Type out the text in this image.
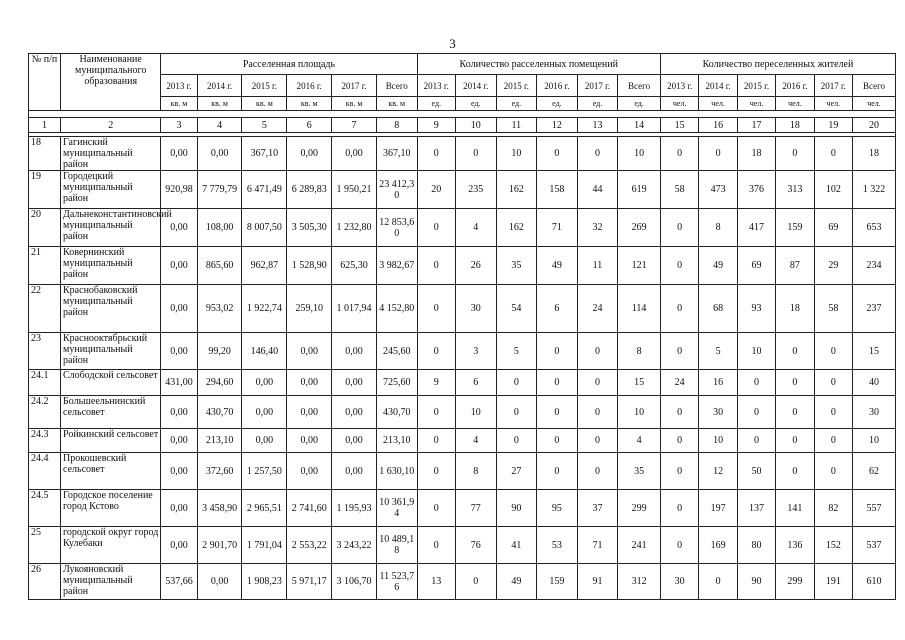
3
№ п/п	Наименование муниципального образования	Расселенная площадь						Количество расселенных помещений						Количество переселенных жителей					
		2013 г.	2014 г.	2015 г.	2016 г.	2017 г.	Всего	2013 г.	2014 г.	2015 г.	2016 г.	2017 г.	Всего	2013 г.	2014 г.	2015 г.	2016 г.	2017 г.	Всего
		кв. м	кв. м	кв. м	кв. м	кв. м	кв. м	ед.	ед.	ед.	ед.	ед.	ед.	чел.	чел.	чел.	чел.	чел.	чел.

1	2	3	4	5	6	7	8	9	10	11	12	13	14	15	16	17	18	19	20

18	Гагинский муниципальный район	0,00	0,00	367,10	0,00	0,00	367,10	0	0	10	0	0	10	0	0	18	0	0	18
19	Городецкий муниципальный район	920,98	7 779,79	6 471,49	6 289,83	1 950,21	23 412,30	20	235	162	158	44	619	58	473	376	313	102	1 322
20	Дальнеконстантиновский муниципальный район	0,00	108,00	8 007,50	3 505,30	1 232,80	12 853,60	0	4	162	71	32	269	0	8	417	159	69	653
21	Ковернинский муниципальный район	0,00	865,60	962,87	1 528,90	625,30	3 982,67	0	26	35	49	11	121	0	49	69	87	29	234
22	Краснобаковский муниципальный район	0,00	953,02	1 922,74	259,10	1 017,94	4 152,80	0	30	54	6	24	114	0	68	93	18	58	237
23	Краснооктябрьский муниципальный район	0,00	99,20	146,40	0,00	0,00	245,60	0	3	5	0	0	8	0	5	10	0	0	15
24.1	Слободской сельсовет	431,00	294,60	0,00	0,00	0,00	725,60	9	6	0	0	0	15	24	16	0	0	0	40
24.2	Большеельнинский сельсовет	0,00	430,70	0,00	0,00	0,00	430,70	0	10	0	0	0	10	0	30	0	0	0	30
24.3	Ройкинский сельсовет	0,00	213,10	0,00	0,00	0,00	213,10	0	4	0	0	0	4	0	10	0	0	0	10
24.4	Прокошевский сельсовет	0,00	372,60	1 257,50	0,00	0,00	1 630,10	0	8	27	0	0	35	0	12	50	0	0	62
24.5	Городское поселение город Кстово	0,00	3 458,90	2 965,51	2 741,60	1 195,93	10 361,94	0	77	90	95	37	299	0	197	137	141	82	557
25	городской округ город Кулебаки	0,00	2 901,70	1 791,04	2 553,22	3 243,22	10 489,18	0	76	41	53	71	241	0	169	80	136	152	537
26	Лукояновский муниципальный район	537,66	0,00	1 908,23	5 971,17	3 106,70	11 523,76	13	0	49	159	91	312	30	0	90	299	191	610
